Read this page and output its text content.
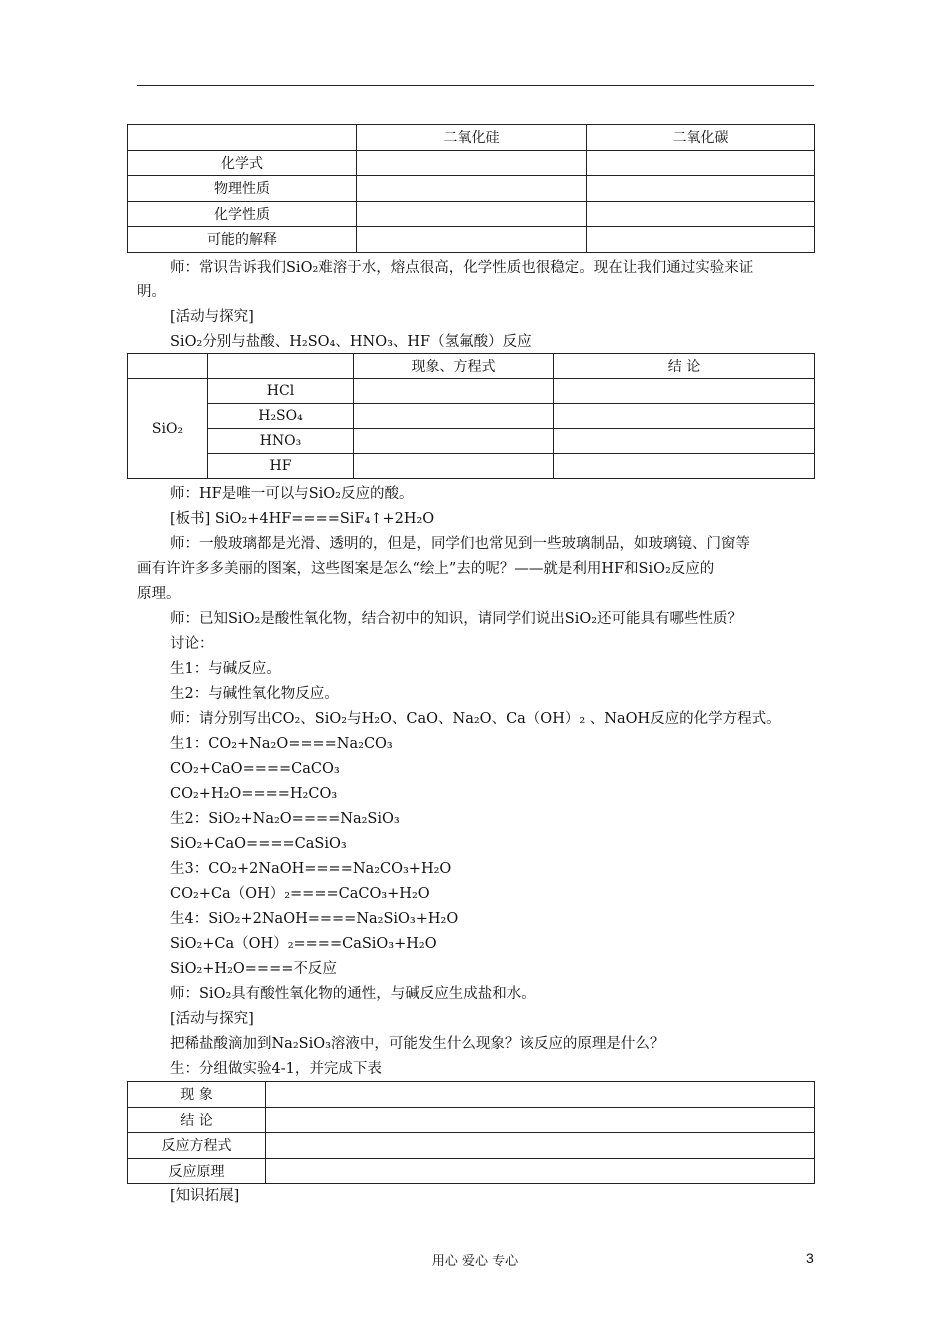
	二氧化硅	二氧化碳
化学式		
物理性质		
化学性质		
可能的解释		
师：常识告诉我们SiO₂难溶于水，熔点很高，化学性质也很稳定。现在让我们通过实验来证
明。
[活动与探究]
SiO₂分别与盐酸、H₂SO₄、HNO₃、HF（氢氟酸）反应
		现象、方程式	结 论
SiO₂	HCl		
	H₂SO₄		
	HNO₃		
	HF		
师：HF是唯一可以与SiO₂反应的酸。
[板书] SiO₂+4HF====SiF₄↑+2H₂O
师：一般玻璃都是光滑、透明的，但是，同学们也常见到一些玻璃制品，如玻璃镜、门窗等
画有许许多多美丽的图案，这些图案是怎么“绘上”去的呢？——就是利用HF和SiO₂反应的
原理。
师：已知SiO₂是酸性氧化物，结合初中的知识，请同学们说出SiO₂还可能具有哪些性质？
讨论：
生1：与碱反应。
生2：与碱性氧化物反应。
师：请分别写出CO₂、SiO₂与H₂O、CaO、Na₂O、Ca（OH）₂ 、NaOH反应的化学方程式。
生1：CO₂+Na₂O====Na₂CO₃
CO₂+CaO====CaCO₃
CO₂+H₂O====H₂CO₃
生2：SiO₂+Na₂O====Na₂SiO₃
SiO₂+CaO====CaSiO₃
生3：CO₂+2NaOH====Na₂CO₃+H₂O
CO₂+Ca（OH）₂====CaCO₃+H₂O
生4：SiO₂+2NaOH====Na₂SiO₃+H₂O
SiO₂+Ca（OH）₂====CaSiO₃+H₂O
SiO₂+H₂O====不反应
师：SiO₂具有酸性氧化物的通性，与碱反应生成盐和水。
[活动与探究]
把稀盐酸滴加到Na₂SiO₃溶液中，可能发生什么现象？该反应的原理是什么？
生：分组做实验4-1，并完成下表
现 象	
结 论	
反应方程式	
反应原理	
[知识拓展]
用心 爱心 专心	3
